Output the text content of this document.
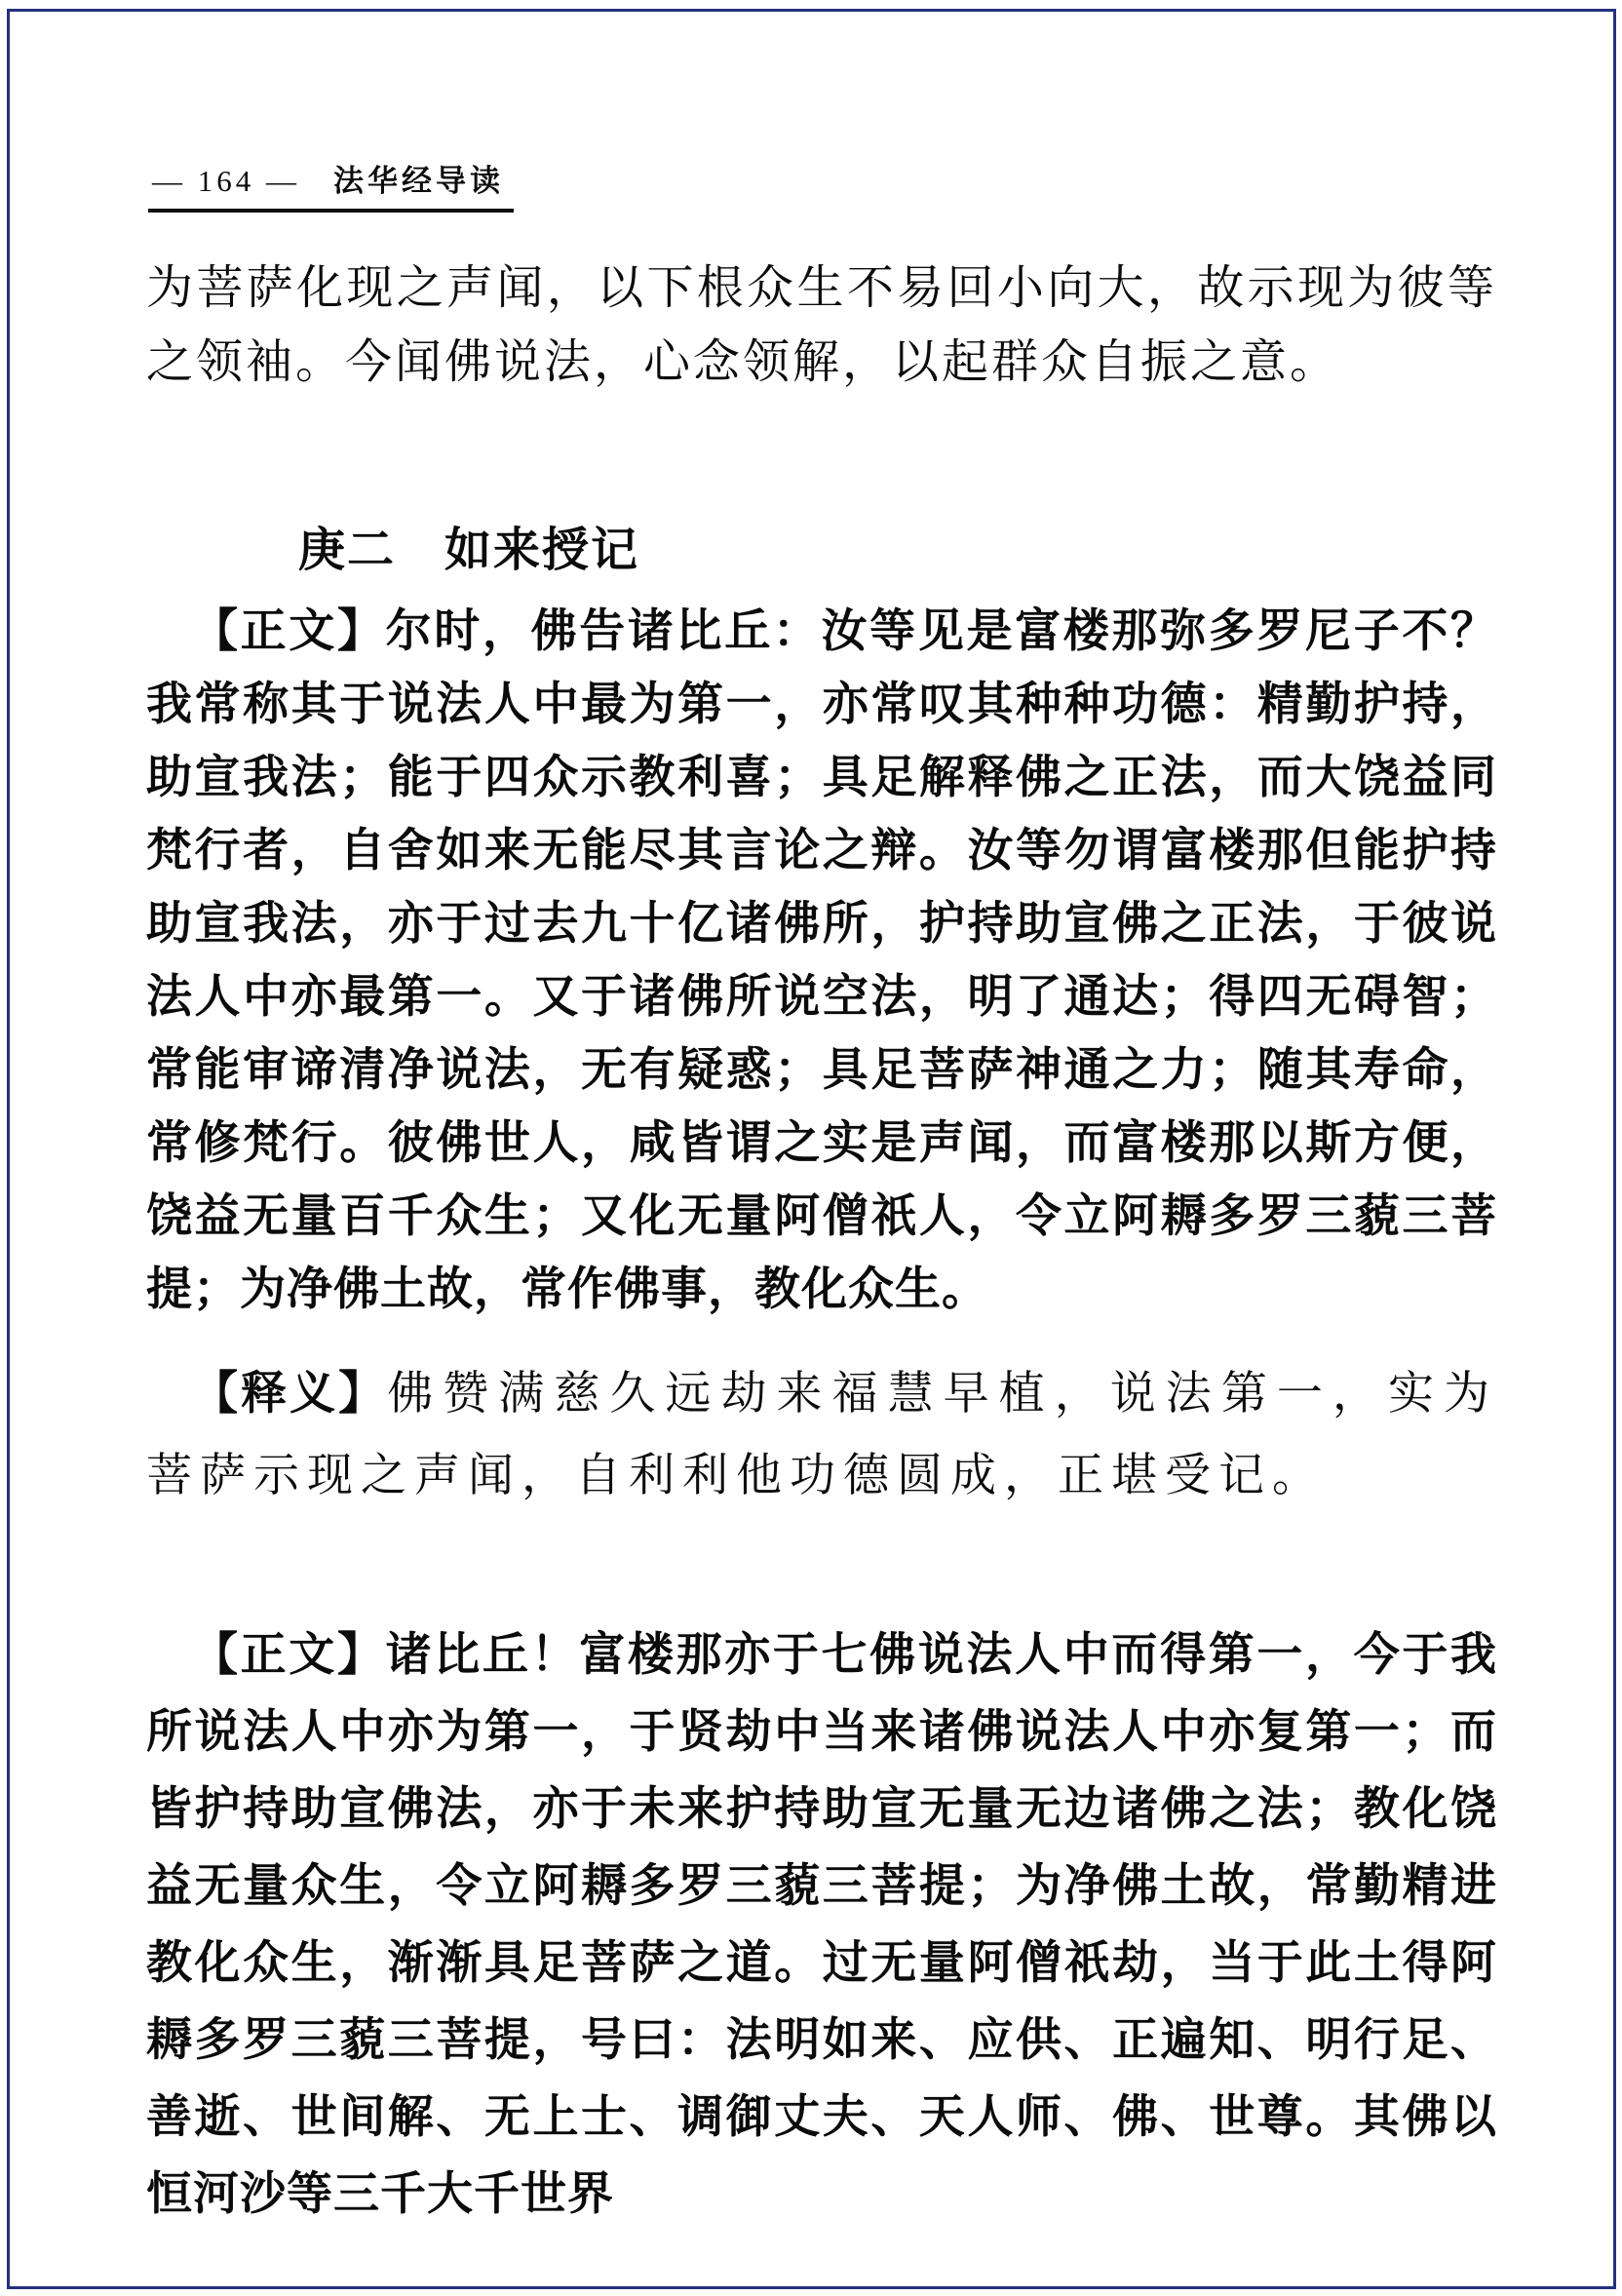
— 164 — 法华经导读
为菩萨化现之声闻，以下根众生不易回小向大，故示现为彼等之领袖。今闻佛说法，心念领解，以起群众自振之意。
庚二　如来授记
【正文】尔时，佛告诸比丘：汝等见是富楼那弥多罗尼子不？我常称其于说法人中最为第一，亦常叹其种种功德：精勤护持，助宣我法；能于四众示教利喜；具足解释佛之正法，而大饶益同梵行者，自舍如来无能尽其言论之辩。汝等勿谓富楼那但能护持助宣我法，亦于过去九十亿诸佛所，护持助宣佛之正法，于彼说法人中亦最第一。又于诸佛所说空法，明了通达；得四无碍智；常能审谛清净说法，无有疑惑；具足菩萨神通之力；随其寿命，常修梵行。彼佛世人，咸皆谓之实是声闻，而富楼那以斯方便，饶益无量百千众生；又化无量阿僧祇人，令立阿耨多罗三藐三菩提；为净佛土故，常作佛事，教化众生。
【释义】佛赞满慈久远劫来福慧早植，说法第一，实为菩萨示现之声闻，自利利他功德圆成，正堪受记。
【正文】诸比丘！富楼那亦于七佛说法人中而得第一，今于我所说法人中亦为第一，于贤劫中当来诸佛说法人中亦复第一；而皆护持助宣佛法，亦于未来护持助宣无量无边诸佛之法；教化饶益无量众生，令立阿耨多罗三藐三菩提；为净佛土故，常勤精进教化众生，渐渐具足菩萨之道。过无量阿僧祇劫，当于此土得阿耨多罗三藐三菩提，号曰：法明如来、应供、正遍知、明行足、善逝、世间解、无上士、调御丈夫、天人师、佛、世尊。其佛以恒河沙等三千大千世界
